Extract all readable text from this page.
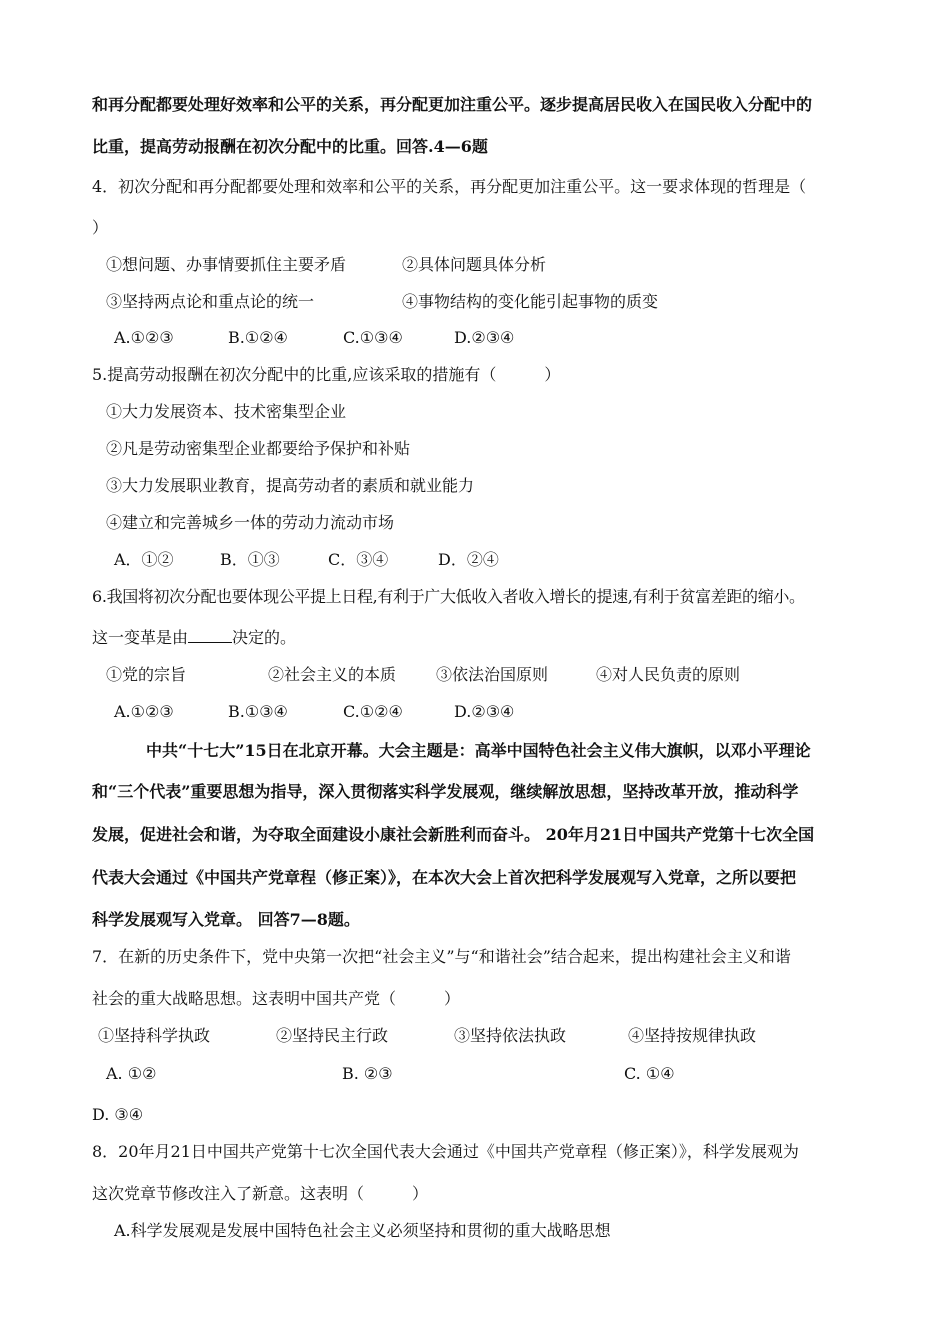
和再分配都要处理好效率和公平的关系，再分配更加注重公平。逐步提高居民收入在国民收入分配中的
比重，提高劳动报酬在初次分配中的比重。回答.4—6题
4．初次分配和再分配都要处理和效率和公平的关系，再分配更加注重公平。这一要求体现的哲理是（
）
①想问题、办事情要抓住主要矛盾	②具体问题具体分析
③坚持两点论和重点论的统一	④事物结构的变化能引起事物的质变
A.①②③	B.①②④	C.①③④	D.②③④
5.提高劳动报酬在初次分配中的比重,应该采取的措施有（　　　）
①大力发展资本、技术密集型企业
②凡是劳动密集型企业都要给予保护和补贴
③大力发展职业教育，提高劳动者的素质和就业能力
④建立和完善城乡一体的劳动力流动市场
A．①②	B．①③	C．③④	D．②④
6.我国将初次分配也要体现公平提上日程,有利于广大低收入者收入增长的提速,有利于贫富差距的缩小。
这一变革是由	决定的。
①党的宗旨	②社会主义的本质 ③依法治国原则	④对人民负责的原则
A.①②③	B.①③④	C.①②④	D.②③④
中共“十七大”15日在北京开幕。大会主题是：高举中国特色社会主义伟大旗帜，以邓小平理论
和“三个代表”重要思想为指导，深入贯彻落实科学发展观，继续解放思想，坚持改革开放，推动科学
发展，促进社会和谐，为夺取全面建设小康社会新胜利而奋斗。 20年月21日中国共产党第十七次全国
代表大会通过《中国共产党章程（修正案）》，在本次大会上首次把科学发展观写入党章，之所以要把
科学发展观写入党章。 回答7—8题。
7．在新的历史条件下，党中央第一次把“社会主义”与“和谐社会”结合起来，提出构建社会主义和谐
社会的重大战略思想。这表明中国共产党（　　　）
①坚持科学执政	②坚持民主行政	③坚持依法执政	④坚持按规律执政
A. ①②	B. ②③	C. ①④
D. ③④
8．20年月21日中国共产党第十七次全国代表大会通过《中国共产党章程（修正案）》，科学发展观为
这次党章节修改注入了新意。这表明（　　　）
A.科学发展观是发展中国特色社会主义必须坚持和贯彻的重大战略思想
